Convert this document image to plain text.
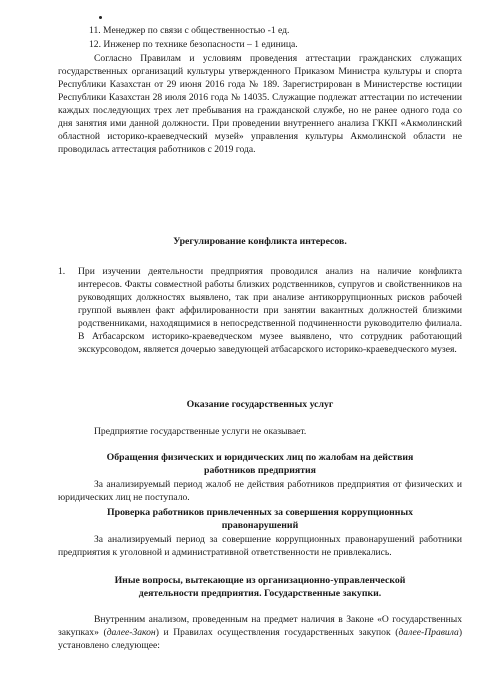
11. Менеджер по связи с общественностью -1 ед.
12. Инженер по технике безопасности – 1 единица.

Согласно Правилам и условиям проведения аттестации гражданских служащих государственных организаций культуры утвержденного Приказом Министра культуры и спорта Республики Казахстан от 29 июня 2016 года № 189. Зарегистрирован в Министерстве юстиции Республики Казахстан 28 июля 2016 года № 14035. Служащие подлежат аттестации по истечении каждых последующих трех лет пребывания на гражданской службе, но не ранее одного года со дня занятия ими данной должности. При проведении внутреннего анализа ГККП «Акмолинский областной историко-краеведческий музей» управления культуры Акмолинской области не проводилась аттестация работников с 2019 года.

Урегулирование конфликта интересов.

1. При изучении деятельности предприятия проводился анализ на наличие конфликта интересов. Факты совместной работы близких родственников, супругов и свойственников на руководящих должностях выявлено, так при анализе антикоррупционных рисков рабочей группой выявлен факт аффилированности при занятии вакантных должностей близкими родственниками, находящимися в непосредственной подчиненности руководителю филиала. В Атбасарском историко-краеведческом музее выявлено, что сотрудник работающий экскурсоводом, является дочерью заведующей атбасарского историко-краеведческого музея.

Оказание государственных услуг

Предприятие государственные услуги не оказывает.

Обращения физических и юридических лиц по жалобам на действия
работников предприятия

За анализируемый период жалоб не действия работников предприятия от физических и юридических лиц не поступало.

Проверка работников привлеченных за совершения коррупционных
правонарушений

За анализируемый период за совершение коррупционных правонарушений работники предприятия к уголовной и административной ответственности не привлекались.

Иные вопросы, вытекающие из организационно-управленческой
деятельности предприятия. Государственные закупки.

Внутренним анализом, проведенным на предмет наличия в Законе «О государственных закупках» (далее-Закон) и Правилах осуществления государственных закупок (далее-Правила) установлено следующее:
